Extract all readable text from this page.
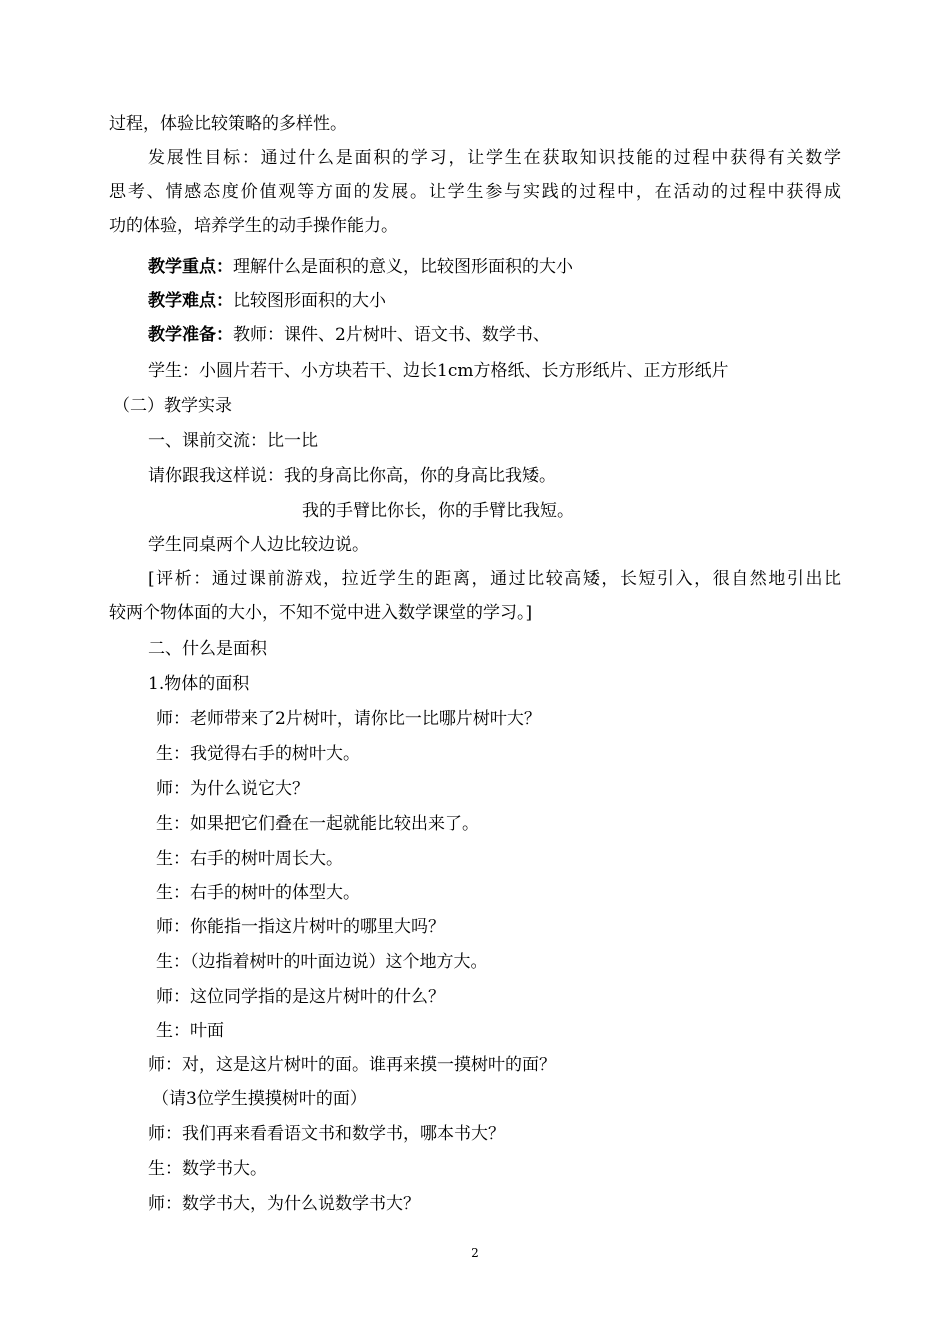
过程，体验比较策略的多样性。
发展性目标：通过什么是面积的学习，让学生在获取知识技能的过程中获得有关数学
思考、情感态度价值观等方面的发展。让学生参与实践的过程中，在活动的过程中获得成
功的体验，培养学生的动手操作能力。
教学重点：理解什么是面积的意义，比较图形面积的大小
教学难点：比较图形面积的大小
教学准备：教师：课件、2片树叶、语文书、数学书、
学生：小圆片若干、小方块若干、边长1cm方格纸、长方形纸片、正方形纸片
（二）教学实录
一、课前交流：比一比
请你跟我这样说：我的身高比你高，你的身高比我矮。
我的手臂比你长，你的手臂比我短。
学生同桌两个人边比较边说。
[评析：通过课前游戏，拉近学生的距离，通过比较高矮，长短引入，很自然地引出比
较两个物体面的大小，不知不觉中进入数学课堂的学习。]
二、什么是面积
1.物体的面积
师：老师带来了2片树叶，请你比一比哪片树叶大？
生：我觉得右手的树叶大。
师：为什么说它大？
生：如果把它们叠在一起就能比较出来了。
生：右手的树叶周长大。
生：右手的树叶的体型大。
师：你能指一指这片树叶的哪里大吗？
生：（边指着树叶的叶面边说）这个地方大。
师：这位同学指的是这片树叶的什么？
生：叶面
师：对，这是这片树叶的面。谁再来摸一摸树叶的面？
（请3位学生摸摸树叶的面）
师：我们再来看看语文书和数学书，哪本书大？
生：数学书大。
师：数学书大，为什么说数学书大？
2
